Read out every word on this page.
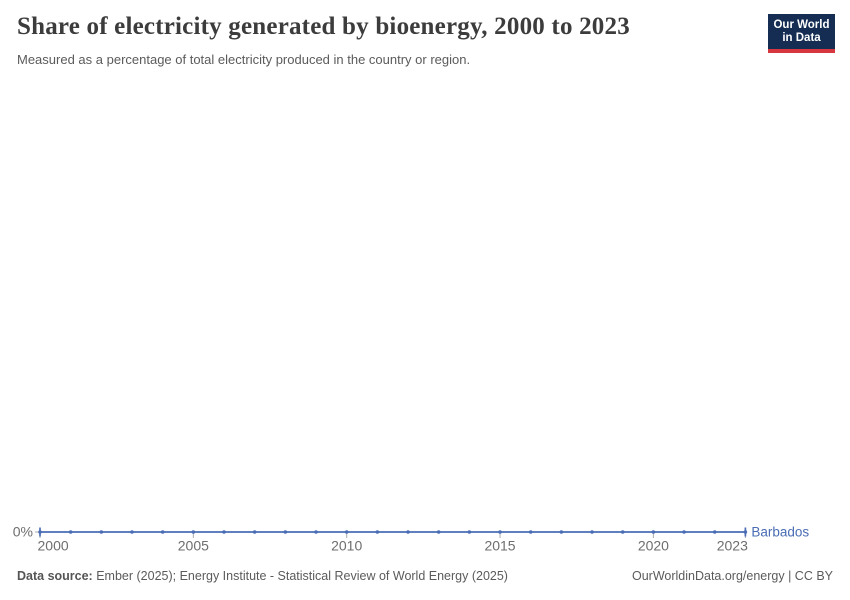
Share of electricity generated by bioenergy, 2000 to 2023

Measured as a percentage of total electricity produced in the country or region.

Our World
in Data
0%
2000	2005	2010	2015	2020	2023
Barbados
Data source: Ember (2025); Energy Institute - Statistical Review of World Energy (2025)	OurWorldinData.org/energy | CC BY
